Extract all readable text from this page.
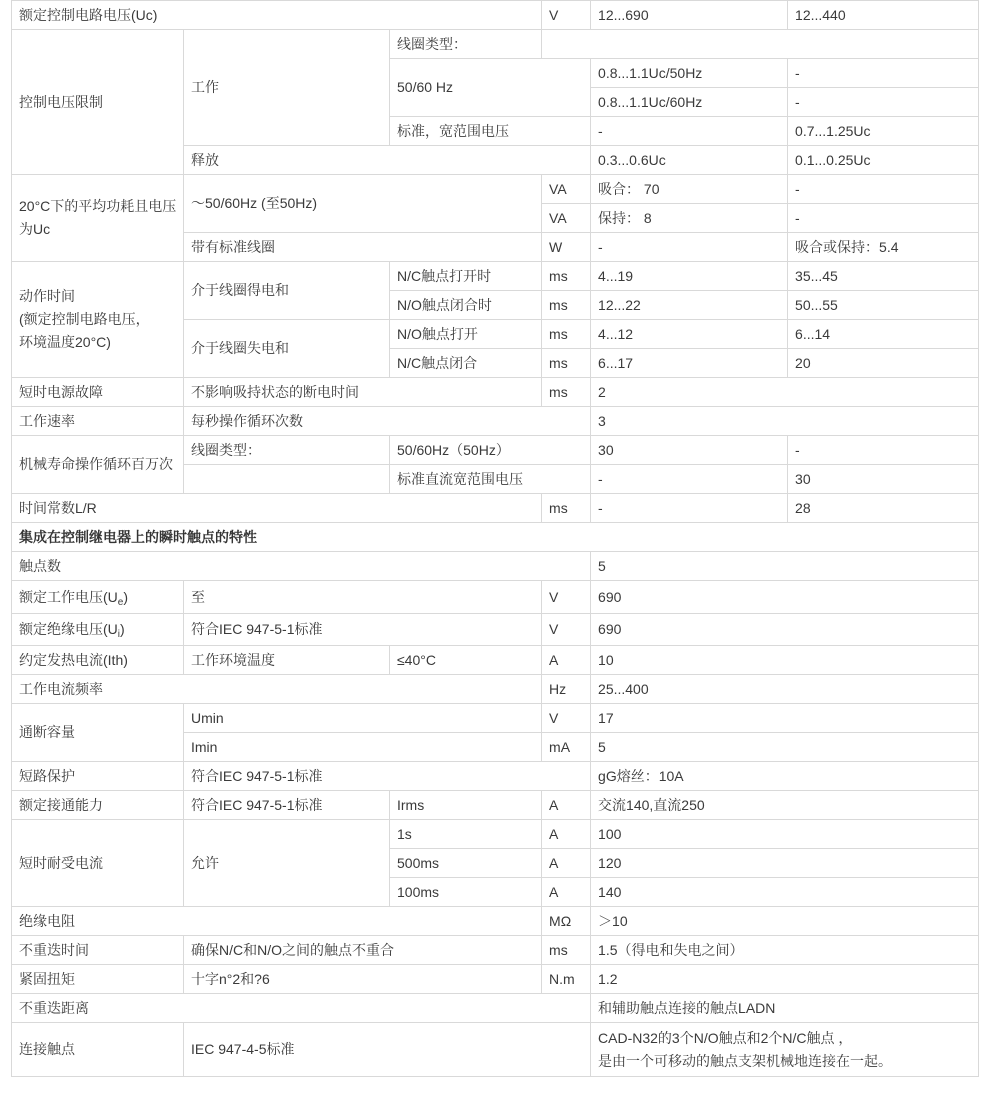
额定控制电路电压(Uc)			V	12...690	12...440
控制电压限制	工作	线圈类型：			
		50/60 Hz		0.8...1.1Uc/50Hz	-
				0.8...1.1Uc/60Hz	-
		标准，宽范围电压		-	0.7...1.25Uc
	释放			0.3...0.6Uc	0.1...0.25Uc
20°C下的平均功耗且电压为Uc	～50/60Hz (至50Hz)		VA	吸合： 70	-
			VA	保持： 8	-
	带有标准线圈		W	-	吸合或保持：5.4
动作时间
(额定控制电路电压，
环境温度20°C)	介于线圈得电和	N/C触点打开时	ms	4...19	35...45
		N/O触点闭合时	ms	12...22	50...55
	介于线圈失电和	N/O触点打开	ms	4...12	6...14
		N/C触点闭合	ms	6...17	20
短时电源故障	不影响吸持状态的断电时间		ms	2	
工作速率	每秒操作循环次数			3	
机械寿命操作循环百万次	线圈类型：	50/60Hz（50Hz）		30	-
		标准直流宽范围电压		-	30
时间常数L/R			ms	-	28
集成在控制继电器上的瞬时触点的特性					
触点数				5	
额定工作电压$(U_e)$	至		V	690	
额定绝缘电压$(U_i)$	符合IEC 947-5-1标准		V	690	
约定发热电流(Ith)	工作环境温度	≤40°C	A	10	
工作电流频率			Hz	25...400	
通断容量	Umin		V	17	
	Imin		mA	5	
短路保护	符合IEC 947-5-1标准			gG熔丝：10A	
额定接通能力	符合IEC 947-5-1标准	Irms	A	交流140,直流250	
短时耐受电流	允许	1s	A	100	
		500ms	A	120	
		100ms	A	140	
绝缘电阻			MΩ	＞10	
不重迭时间	确保N/C和N/O之间的触点不重合		ms	1.5（得电和失电之间）	
紧固扭矩	十字n°2和?6		N.m	1.2	
不重迭距离				和辅助触点连接的触点LADN	
连接触点	IEC 947-4-5标准			CAD-N32的3个N/O触点和2个N/C触点 ，
是由一个可移动的触点支架机械地连接在一起。	
